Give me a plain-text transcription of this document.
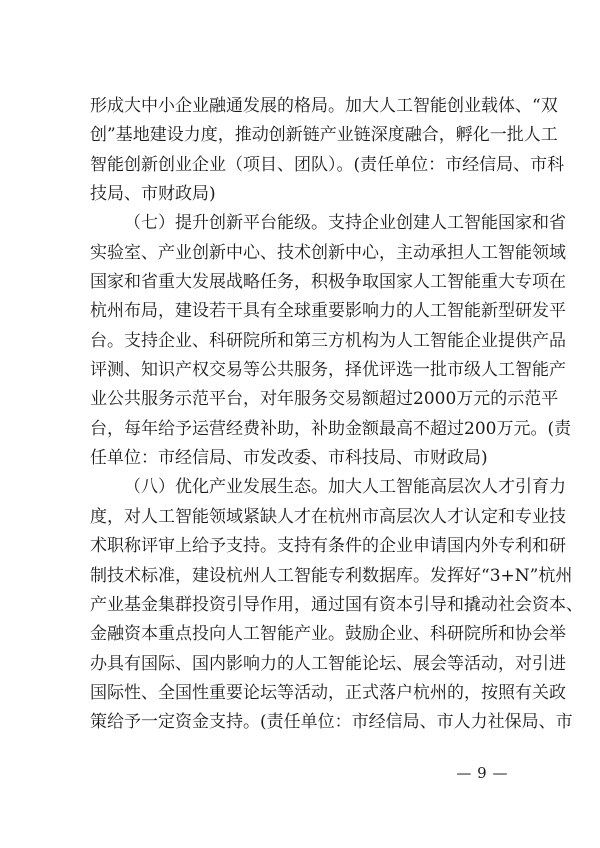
形成大中小企业融通发展的格局。加大人工智能创业载体、“双
创”基地建设力度，推动创新链产业链深度融合，孵化一批人工
智能创新创业企业（项目、团队）。(责任单位：市经信局、市科
技局、市财政局)
（七）提升创新平台能级。支持企业创建人工智能国家和省
实验室、产业创新中心、技术创新中心，主动承担人工智能领域
国家和省重大发展战略任务，积极争取国家人工智能重大专项在
杭州布局，建设若干具有全球重要影响力的人工智能新型研发平
台。支持企业、科研院所和第三方机构为人工智能企业提供产品
评测、知识产权交易等公共服务，择优评选一批市级人工智能产
业公共服务示范平台，对年服务交易额超过2000万元的示范平
台，每年给予运营经费补助，补助金额最高不超过200万元。(责
任单位：市经信局、市发改委、市科技局、市财政局)
（八）优化产业发展生态。加大人工智能高层次人才引育力
度，对人工智能领域紧缺人才在杭州市高层次人才认定和专业技
术职称评审上给予支持。支持有条件的企业申请国内外专利和研
制技术标准，建设杭州人工智能专利数据库。发挥好“3+N”杭州
产业基金集群投资引导作用，通过国有资本引导和撬动社会资本、
金融资本重点投向人工智能产业。鼓励企业、科研院所和协会举
办具有国际、国内影响力的人工智能论坛、展会等活动，对引进
国际性、全国性重要论坛等活动，正式落户杭州的，按照有关政
策给予一定资金支持。(责任单位：市经信局、市人力社保局、市
— 9 —
